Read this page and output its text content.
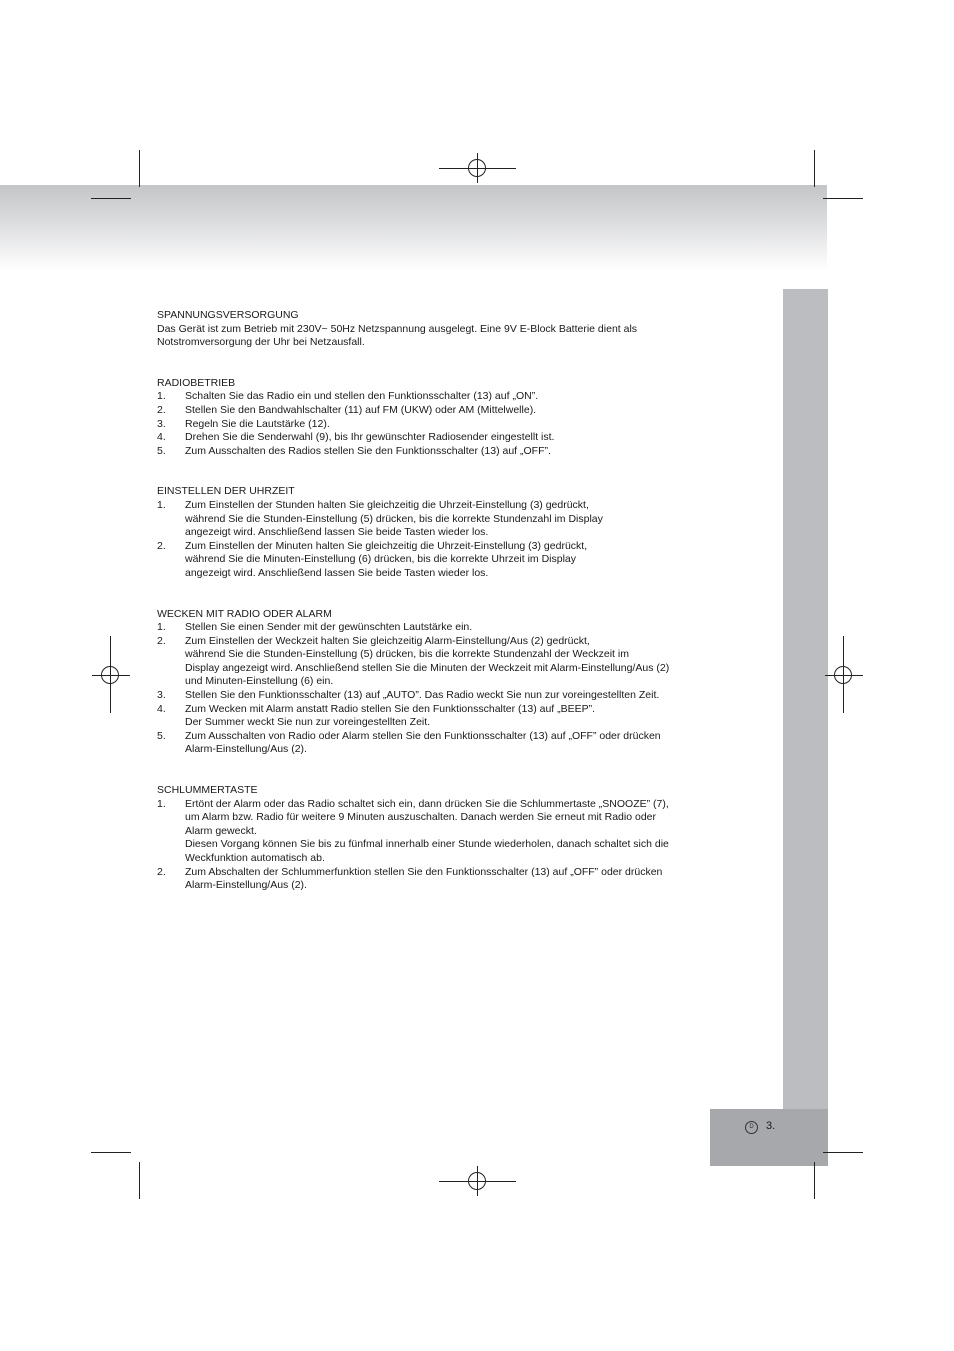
D	3.
SPANNUNGSVERSORGUNG

Das Gerät ist zum Betrieb mit 230V~ 50Hz Netzspannung ausgelegt. Eine 9V E-Block Batterie dient als
Notstromversorgung der Uhr bei Netzausfall.

RADIOBETRIEB
1.	Schalten Sie das Radio ein und stellen den Funktionsschalter (13) auf „ON”.
2.	Stellen Sie den Bandwahlschalter (11) auf FM (UKW) oder AM (Mittelwelle).
3.	Regeln Sie die Lautstärke (12).
4.	Drehen Sie die Senderwahl (9), bis Ihr gewünschter Radiosender eingestellt ist.
5.	Zum Ausschalten des Radios stellen Sie den Funktionsschalter (13) auf „OFF”.
EINSTELLEN DER UHRZEIT
1.	Zum Einstellen der Stunden halten Sie gleichzeitig die Uhrzeit-Einstellung (3) gedrückt,
während Sie die Stunden-Einstellung (5) drücken, bis die korrekte Stundenzahl im Display
angezeigt wird. Anschließend lassen Sie beide Tasten wieder los.
2.	Zum Einstellen der Minuten halten Sie gleichzeitig die Uhrzeit-Einstellung (3) gedrückt,
während Sie die Minuten-Einstellung (6) drücken, bis die korrekte Uhrzeit im Display
angezeigt wird. Anschließend lassen Sie beide Tasten wieder los.
WECKEN MIT RADIO ODER ALARM
1.	Stellen Sie einen Sender mit der gewünschten Lautstärke ein.
2.	Zum Einstellen der Weckzeit halten Sie gleichzeitig Alarm-Einstellung/Aus (2) gedrückt,
während Sie die Stunden-Einstellung (5) drücken, bis die korrekte Stundenzahl der Weckzeit im
Display angezeigt wird. Anschließend stellen Sie die Minuten der Weckzeit mit Alarm-Einstellung/Aus (2)
und Minuten-Einstellung (6) ein.
3.	Stellen Sie den Funktionsschalter (13) auf „AUTO”. Das Radio weckt Sie nun zur voreingestellten Zeit.
4.	Zum Wecken mit Alarm anstatt Radio stellen Sie den Funktionsschalter (13) auf „BEEP”.
Der Summer weckt Sie nun zur voreingestellten Zeit.
5.	Zum Ausschalten von Radio oder Alarm stellen Sie den Funktionsschalter (13) auf „OFF” oder drücken
Alarm-Einstellung/Aus (2).
SCHLUMMERTASTE
1.	Ertönt der Alarm oder das Radio schaltet sich ein, dann drücken Sie die Schlummertaste „SNOOZE” (7),
um Alarm bzw. Radio für weitere 9 Minuten auszuschalten. Danach werden Sie erneut mit Radio oder
Alarm geweckt.
Diesen Vorgang können Sie bis zu fünfmal innerhalb einer Stunde wiederholen, danach schaltet sich die
Weckfunktion automatisch ab.
2.	Zum Abschalten der Schlummerfunktion stellen Sie den Funktionsschalter (13) auf „OFF” oder drücken
Alarm-Einstellung/Aus (2).
